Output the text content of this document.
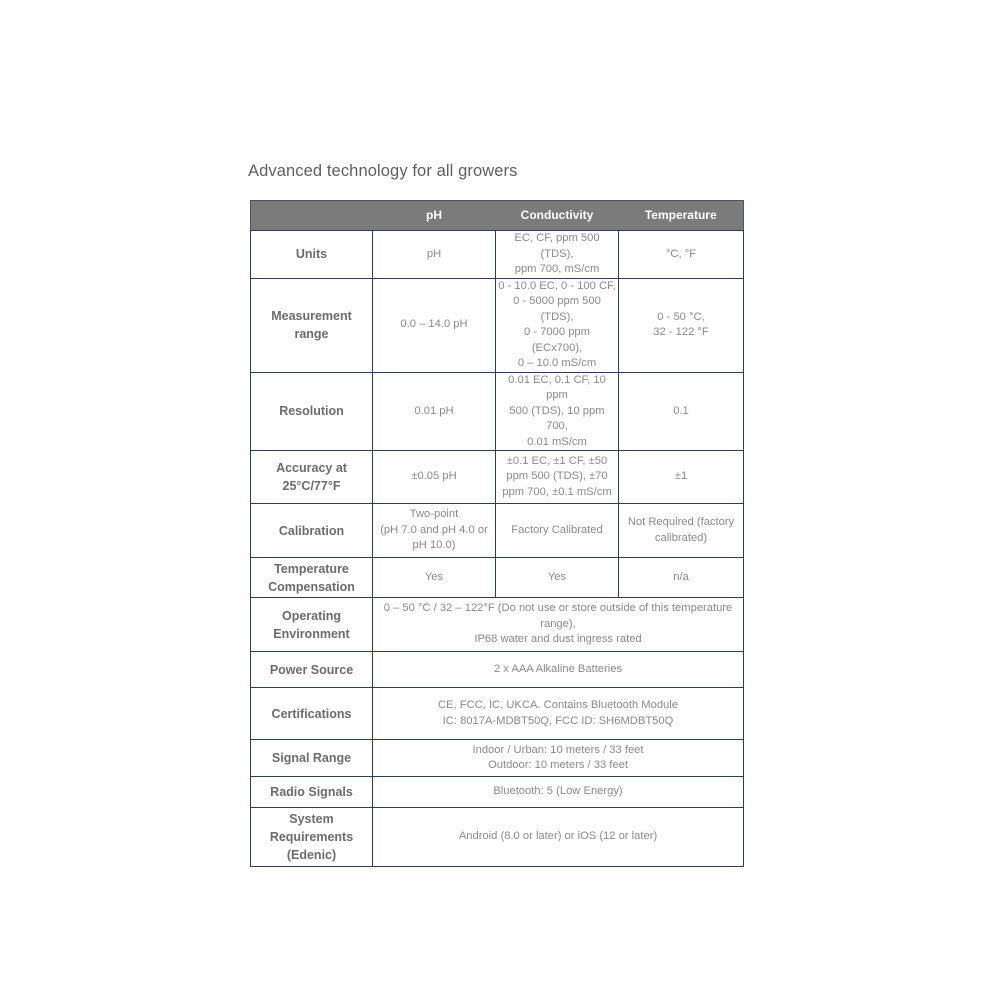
Advanced technology for all growers
	pH	Conductivity	Temperature
Units	pH	EC, CF, ppm 500 (TDS),
ppm 700, mS/cm	°C, °F
Measurement
range	0.0 – 14.0 pH	0 - 10.0 EC, 0 - 100 CF,
0 - 5000 ppm 500
(TDS),
0 - 7000 ppm (ECx700),
0 – 10.0 mS/cm	0 - 50 °C,
32 - 122 °F
Resolution	0.01 pH	0.01 EC, 0.1 CF, 10 ppm
500 (TDS), 10 ppm 700,
0.01 mS/cm	0.1
Accuracy at
25°C/77°F	±0.05 pH	±0.1 EC, ±1 CF, ±50
ppm 500 (TDS), ±70
ppm 700, ±0.1 mS/cm	±1
Calibration	Two-point
(pH 7.0 and pH 4.0 or
pH 10.0)	Factory Calibrated	Not Required (factory
calibrated)
Temperature
Compensation	Yes	Yes	n/a
Operating
Environment	0 – 50 °C / 32 – 122°F (Do not use or store outside of this temperature
range),
IP68 water and dust ingress rated		
Power Source	2 x AAA Alkaline Batteries		
Certifications	CE, FCC, IC, UKCA. Contains Bluetooth Module
IC: 8017A-MDBT50Q, FCC ID: SH6MDBT50Q		
Signal Range	Indoor / Urban: 10 meters / 33 feet
Outdoor: 10 meters / 33 feet		
Radio Signals	Bluetooth: 5 (Low Energy)		
System
Requirements
(Edenic)	Android (8.0 or later) or iOS (12 or later)		
